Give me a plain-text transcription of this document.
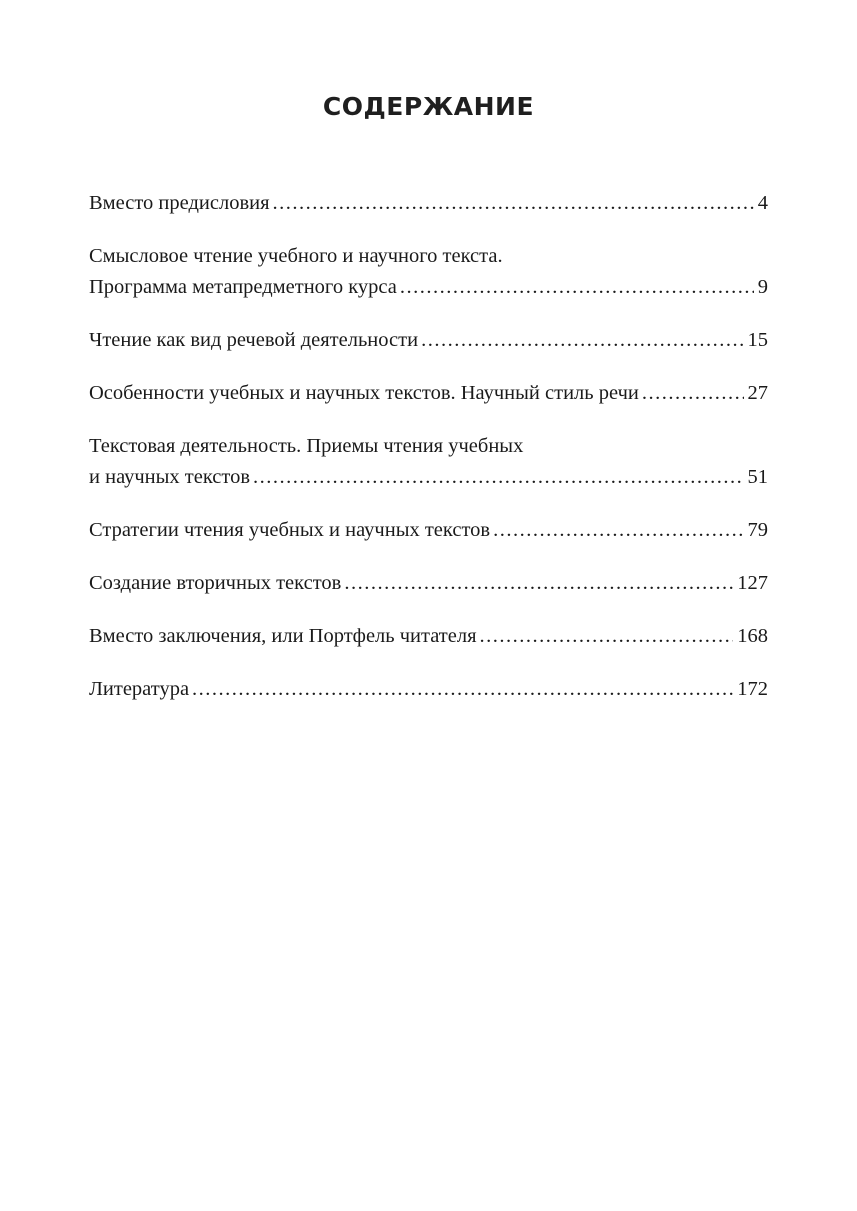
СОДЕРЖАНИЕ
Вместо предисловия .....	4
Смысловое чтение учебного и научного текста.
Программа метапредметного курса .....	9
Чтение как вид речевой деятельности .....	15
Особенности учебных и научных текстов. Научный стиль речи .....	27
Текстовая деятельность. Приемы чтения учебных
и научных текстов .....	51
Стратегии чтения учебных и научных текстов .....	79
Создание вторичных текстов .....	127
Вместо заключения, или Портфель читателя .....	168
Литература .....	172
